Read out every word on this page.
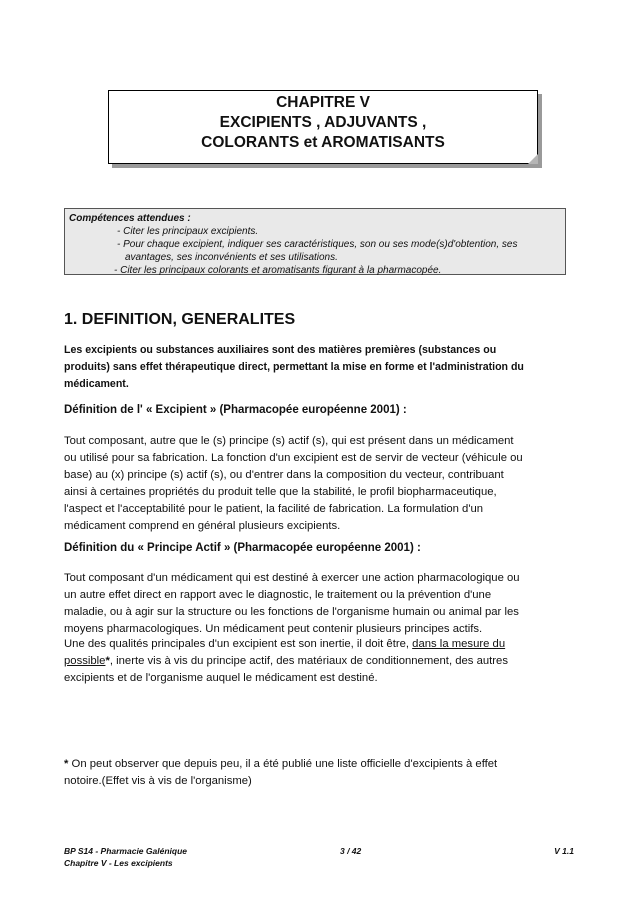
CHAPITRE V
EXCIPIENTS , ADJUVANTS ,
COLORANTS et AROMATISANTS
Compétences attendues :
- Citer les principaux excipients.
- Pour chaque excipient, indiquer ses caractéristiques, son ou ses mode(s)d'obtention, ses
avantages, ses inconvénients et ses utilisations.
- Citer les principaux colorants et aromatisants figurant à la pharmacopée.
1. DEFINITION, GENERALITES

Les excipients ou substances auxiliaires sont des matières premières (substances ou
produits) sans effet thérapeutique direct, permettant la mise en forme et l'administration du
médicament.

Définition de l' « Excipient » (Pharmacopée européenne 2001) :

Tout composant, autre que le (s) principe (s) actif (s), qui est présent dans un médicament
ou utilisé pour sa fabrication. La fonction d'un excipient est de servir de vecteur (véhicule ou
base) au (x) principe (s) actif (s), ou d'entrer dans la composition du vecteur, contribuant
ainsi à certaines propriétés du produit telle que la stabilité, le profil biopharmaceutique,
l'aspect et l'acceptabilité pour le patient, la facilité de fabrication. La formulation d'un
médicament comprend en général plusieurs excipients.

Définition du « Principe Actif » (Pharmacopée européenne 2001) :

Tout composant d'un médicament qui est destiné à exercer une action pharmacologique ou
un autre effet direct en rapport avec le diagnostic, le traitement ou la prévention d'une
maladie, ou à agir sur la structure ou les fonctions de l'organisme humain ou animal par les
moyens pharmacologiques. Un médicament peut contenir plusieurs principes actifs.

Une des qualités principales d'un excipient est son inertie, il doit être, dans la mesure du
possible*, inerte vis à vis du principe actif, des matériaux de conditionnement, des autres
excipients et de l'organisme auquel le médicament est destiné.

* On peut observer que depuis peu, il a été publié une liste officielle d'excipients à effet
notoire.(Effet vis à vis de l'organisme)

BP S14 - Pharmacie Galénique	3 / 42	V 1.1
Chapitre V - Les excipients
